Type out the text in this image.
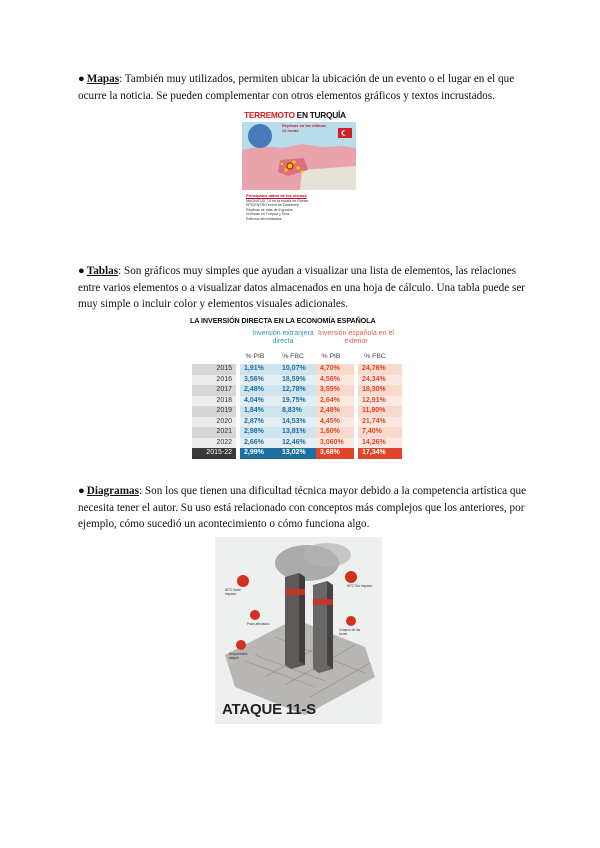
● Mapas: También muy utilizados, permiten ubicar la ubicación de un evento o el lugar en el que ocurre la noticia. Se pueden complementar con otros elementos gráficos y textos incrustados.
TERREMOTO EN TURQUÍA
Réplicas en las últimas 24 horas
Principales datos de los sismos
MAGNITUD 7,8 en la escala de Richter
EPICENTRO cerca de Gaziantep
Réplicas de más de 6 grados
Víctimas en Turquía y Siria
Edificios derrumbados
● Tablas: Son gráficos muy simples que ayudan a visualizar una lista de elementos, las relaciones entre varios elementos o a visualizar datos almacenados en una hoja de cálculo. Una tabla puede ser muy simple o incluir color y elementos visuales adicionales.
LA INVERSIÓN DIRECTA EN LA ECONOMÍA ESPAÑOLA
Inversión extranjera directa
Inversión española en el exterior
% PIB	% FBC	% PIB	% FBC
2015	1,91%	10,07%	4,70%	24,76%
2016	3,56%	18,59%	4,56%	24,34%
2017	2,48%	12,78%	3,55%	18,30%
2018	4,04%	19,75%	2,64%	12,91%
2019	1,84%	8,83%	2,48%	11,90%
2020	2,87%	14,53%	4,45%	21,74%
2021	2,98%	13,81%	1,60%	7,40%
2022	2,66%	12,46%	3,060%	14,26%
2015-22	2,99%	13,02%	3,68%	17,34%
● Diagramas: Son los que tienen una dificultad técnica mayor debido a la competencia artística que necesita tener el autor. Su uso está relacionado con conceptos más complejos que los anteriores, por ejemplo, cómo sucedió un acontecimiento o cómo funciona algo.
WTC Norte impacto
WTC Sur impacto
Pisos afectados
Colapso de las torres
Responsable ataque
ATAQUE 11-S
